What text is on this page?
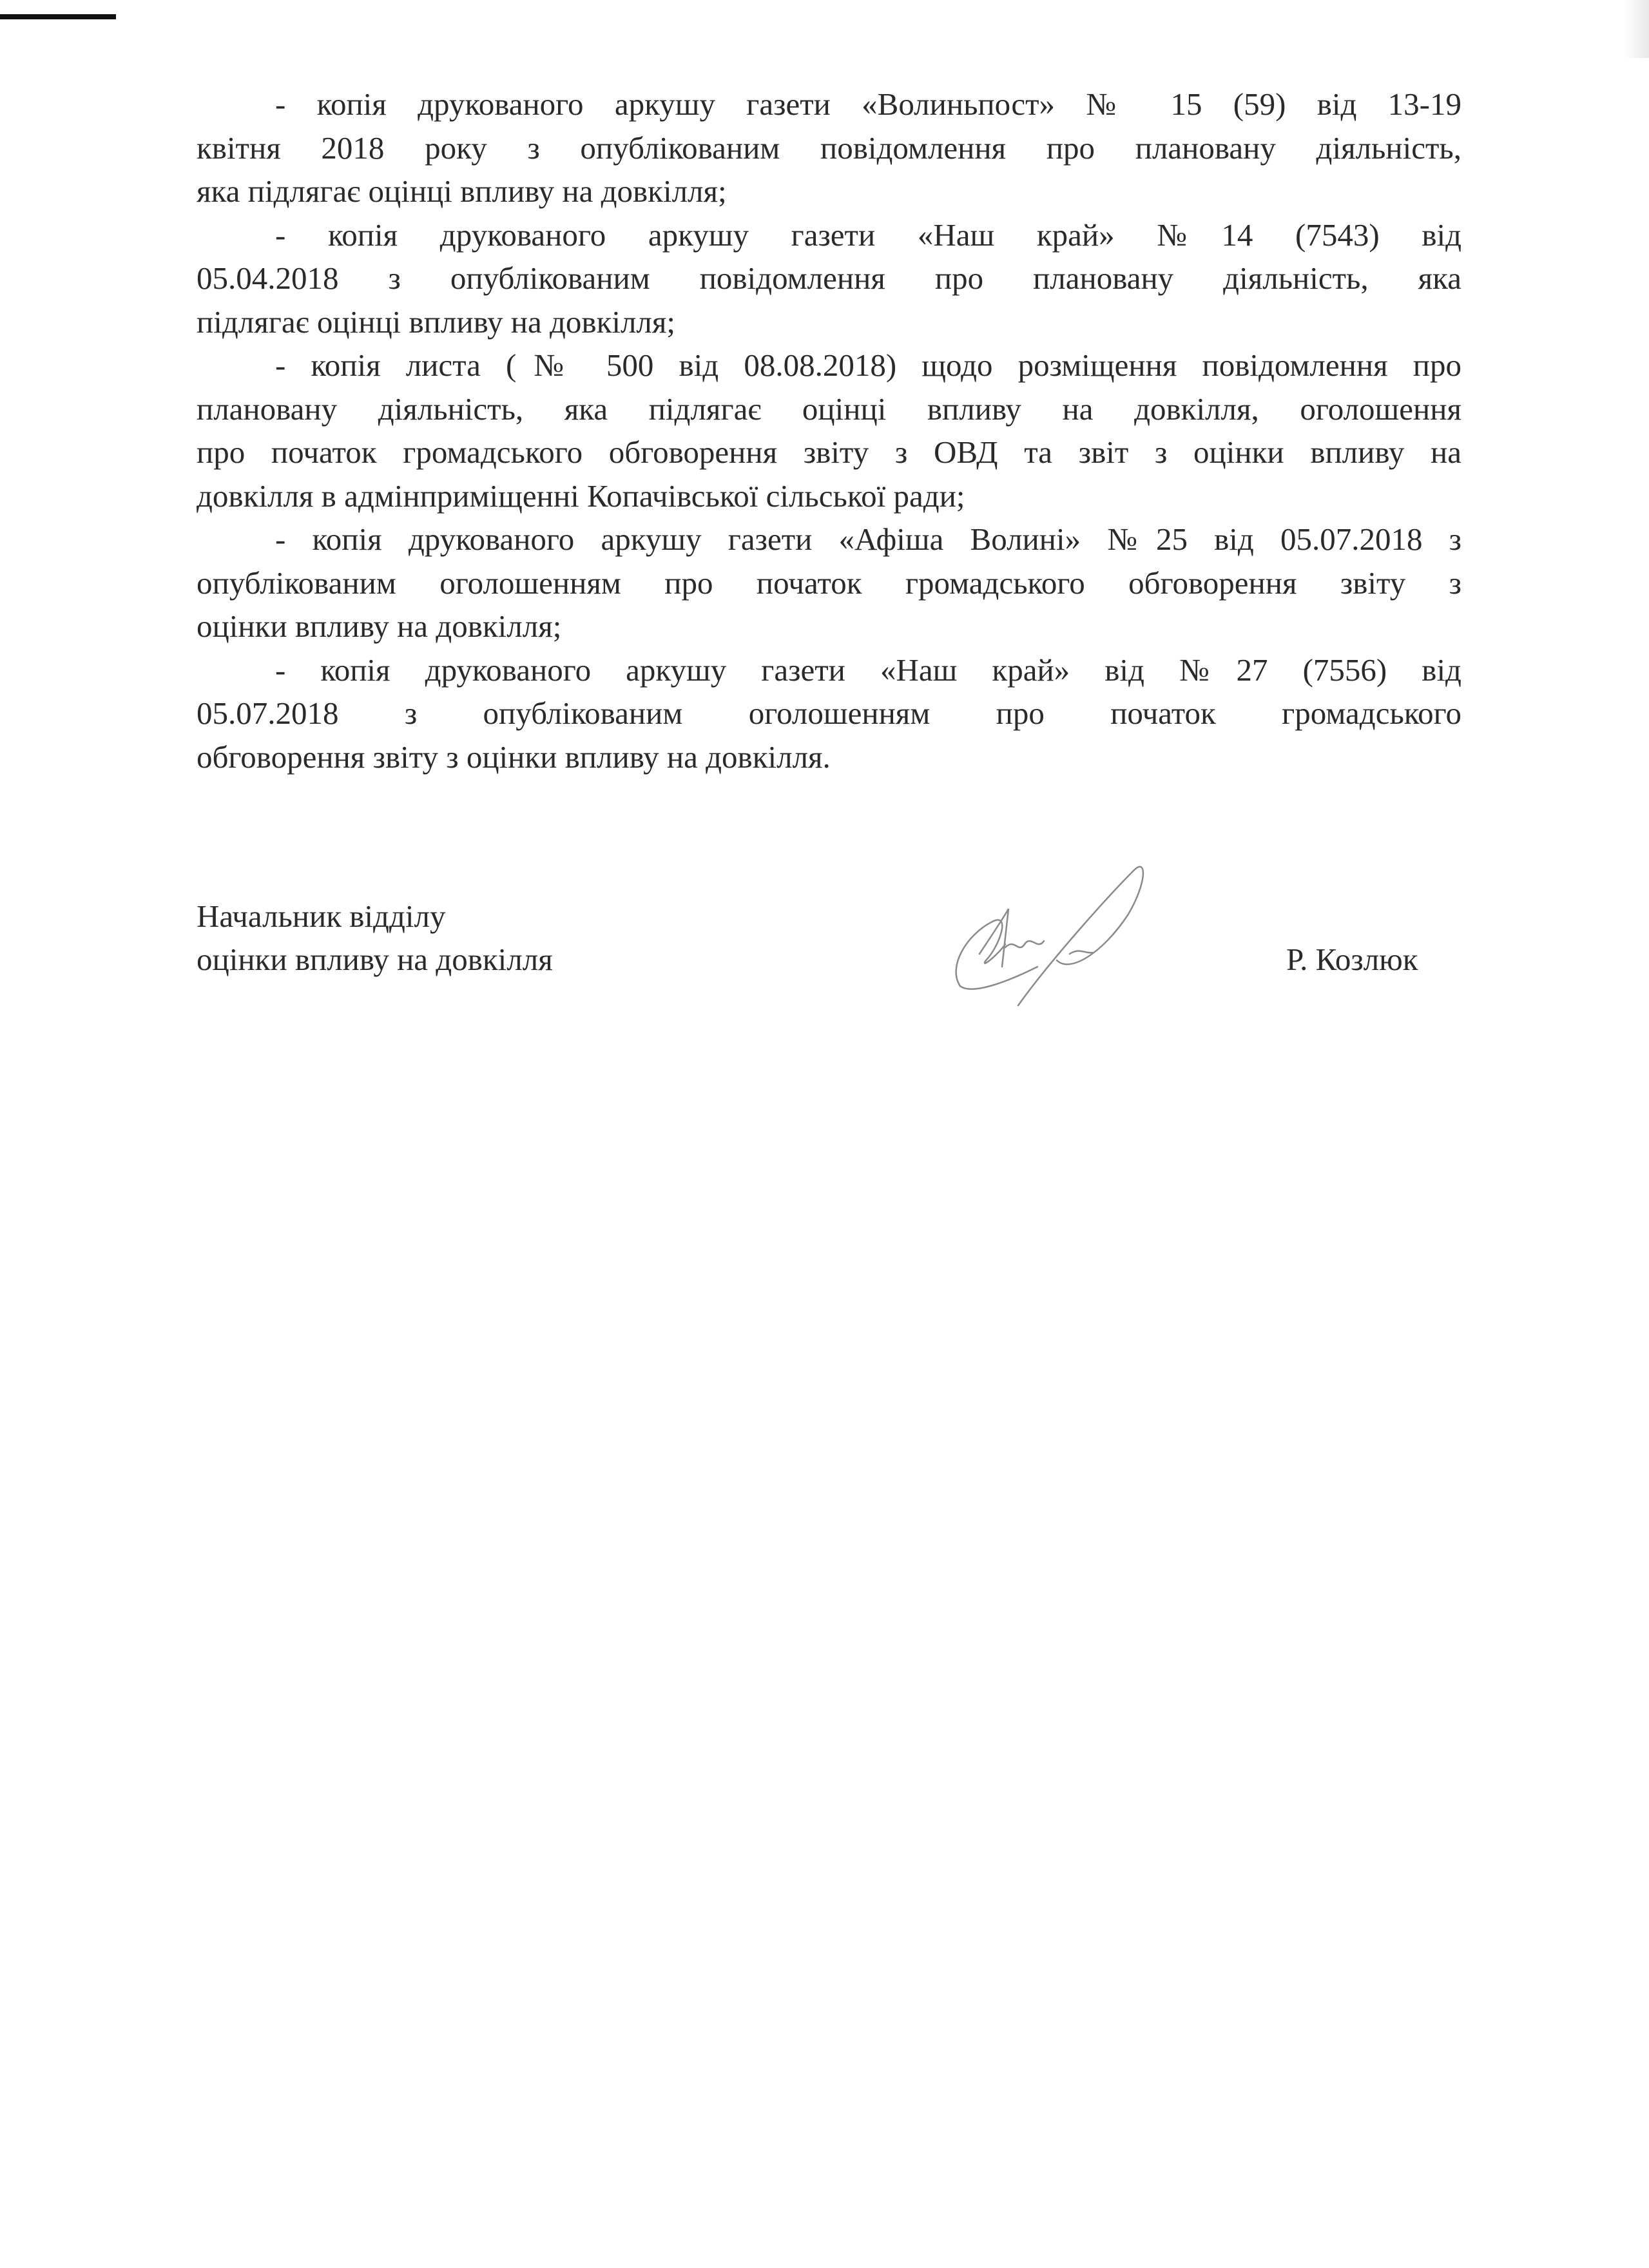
- копія друкованого аркушу газети «Волиньпост» № 15 (59) від 13-19
квітня 2018 року з опублікованим повідомлення про плановану діяльність,
яка підлягає оцінці впливу на довкілля;
- копія друкованого аркушу газети «Наш край» №14 (7543) від
05.04.2018 з опублікованим повідомлення про плановану діяльність, яка
підлягає оцінці впливу на довкілля;
- копія листа (№ 500 від 08.08.2018) щодо розміщення повідомлення про
плановану діяльність, яка підлягає оцінці впливу на довкілля, оголошення
про початок громадського обговорення звіту з ОВД та звіт з оцінки впливу на
довкілля в адмінприміщенні Копачівської сільської ради;
- копія друкованого аркушу газети «Афіша Волині» №25 від 05.07.2018 з
опублікованим оголошенням про початок громадського обговорення звіту з
оцінки впливу на довкілля;
- копія друкованого аркушу газети «Наш край» від №27 (7556) від
05.07.2018 з опублікованим оголошенням про початок громадського
обговорення звіту з оцінки впливу на довкілля.
Начальник відділу
оцінки впливу на довкілля	Р. Козлюк
